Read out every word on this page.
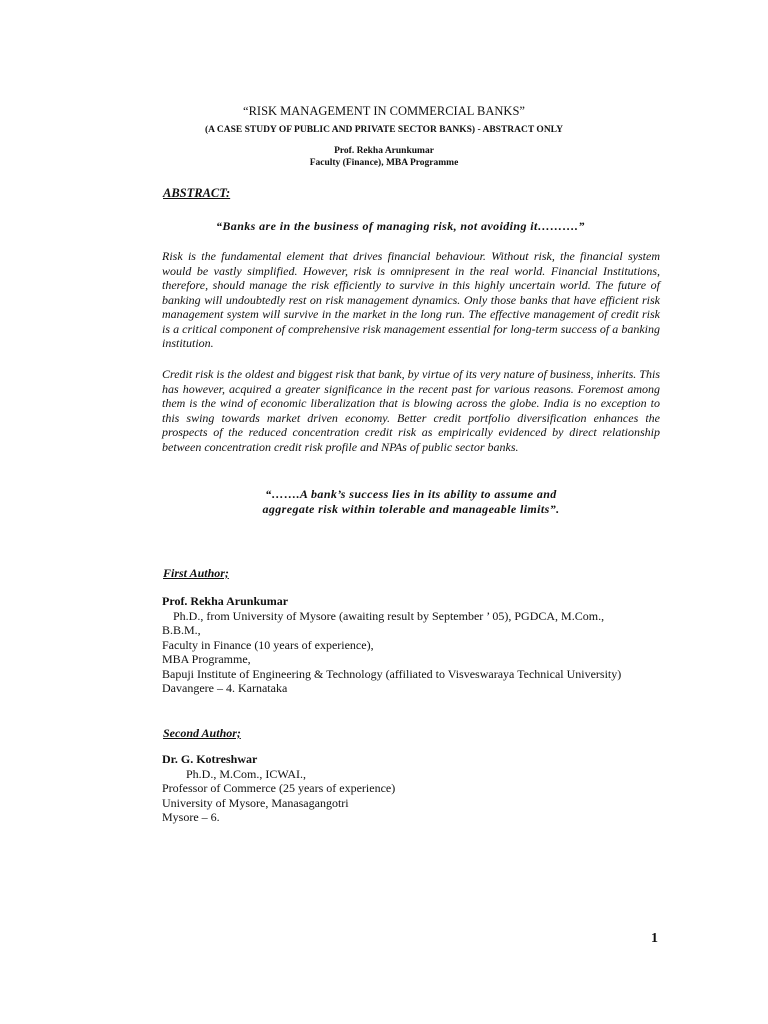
“RISK MANAGEMENT IN COMMERCIAL BANKS”
(A CASE STUDY OF PUBLIC AND PRIVATE SECTOR BANKS) - ABSTRACT ONLY
Prof. Rekha Arunkumar
Faculty (Finance), MBA Programme
ABSTRACT:
“Banks are in the business of managing risk, not avoiding it……….”

Risk is the fundamental element that drives financial behaviour. Without risk, the financial system would be vastly simplified. However, risk is omnipresent in the real world. Financial Institutions, therefore, should manage the risk efficiently to survive in this highly uncertain world. The future of banking will undoubtedly rest on risk management dynamics. Only those banks that have efficient risk management system will survive in the market in the long run. The effective management of credit risk is a critical component of comprehensive risk management essential for long-term success of a banking institution.

Credit risk is the oldest and biggest risk that bank, by virtue of its very nature of business, inherits. This has however, acquired a greater significance in the recent past for various reasons. Foremost among them is the wind of economic liberalization that is blowing across the globe. India is no exception to this swing towards market driven economy. Better credit portfolio diversification enhances the prospects of the reduced concentration credit risk as empirically evidenced by direct relationship between concentration credit risk profile and NPAs of public sector banks.

“…….A bank’s success lies in its ability to assume and
aggregate risk within tolerable and manageable limits”.
First Author;
Prof. Rekha Arunkumar
Ph.D., from University of Mysore (awaiting result by September ’ 05), PGDCA, M.Com.,
B.B.M.,
Faculty in Finance (10 years of experience),
MBA Programme,
Bapuji Institute of Engineering & Technology (affiliated to Visveswaraya Technical University)
Davangere – 4. Karnataka
Second Author;
Dr. G. Kotreshwar
Ph.D., M.Com., ICWAI.,
Professor of Commerce (25 years of experience)
University of Mysore, Manasagangotri
Mysore – 6.
1
